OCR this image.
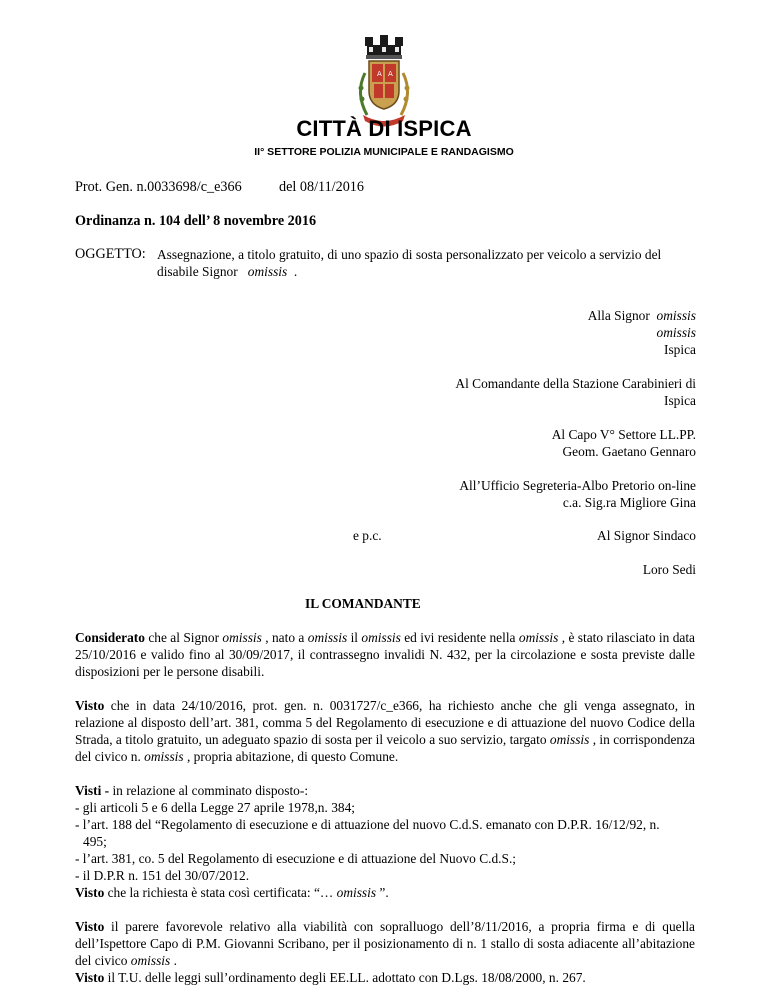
A A
CITTÀ DI ISPICA
II° SETTORE POLIZIA MUNICIPALE E RANDAGISMO
Prot. Gen. n.0033698/c_e366	del 08/11/2016
Ordinanza n. 104 dell’ 8 novembre 2016
OGGETTO: Assegnazione, a titolo gratuito, di uno spazio di sosta personalizzato per veicolo a servizio del
disabile Signor omissis .
Alla Signor omissis
omissis
Ispica
Al Comandante della Stazione Carabinieri di
Ispica
Al Capo V° Settore LL.PP.
Geom. Gaetano Gennaro
All’Ufficio Segreteria-Albo Pretorio on-line
c.a. Sig.ra Migliore Gina
e p.c.	Al Signor Sindaco
Loro Sedi
IL COMANDANTE

Considerato che al Signor omissis , nato a omissis il omissis ed ivi residente nella omissis , è stato rilasciato in data 25/10/2016 e valido fino al 30/09/2017, il contrassegno invalidi N. 432, per la circolazione e sosta previste dalle disposizioni per le persone disabili.

Visto che in data 24/10/2016, prot. gen. n. 0031727/c_e366, ha richiesto anche che gli venga assegnato, in relazione al disposto dell’art. 381, comma 5 del Regolamento di esecuzione e di attuazione del nuovo Codice della Strada, a titolo gratuito, un adeguato spazio di sosta per il veicolo a suo servizio, targato omissis , in corrispondenza del civico n. omissis , propria abitazione, di questo Comune.

Visti - in relazione al comminato disposto-:

- gli articoli 5 e 6 della Legge 27 aprile 1978,n. 384;

- l’art. 188 del “Regolamento di esecuzione e di attuazione del nuovo C.d.S. emanato con D.P.R. 16/12/92, n.

495;

- l’art. 381, co. 5 del Regolamento di esecuzione e di attuazione del Nuovo C.d.S.;

- il D.P.R n. 151 del 30/07/2012.

Visto che la richiesta è stata così certificata: “… omissis ”.

Visto il parere favorevole relativo alla viabilità con sopralluogo dell’8/11/2016, a propria firma e di quella dell’Ispettore Capo di P.M. Giovanni Scribano, per il posizionamento di n. 1 stallo di sosta adiacente all’abitazione del civico omissis .

Visto il T.U. delle leggi sull’ordinamento degli EE.LL. adottato con D.Lgs. 18/08/2000, n. 267.
